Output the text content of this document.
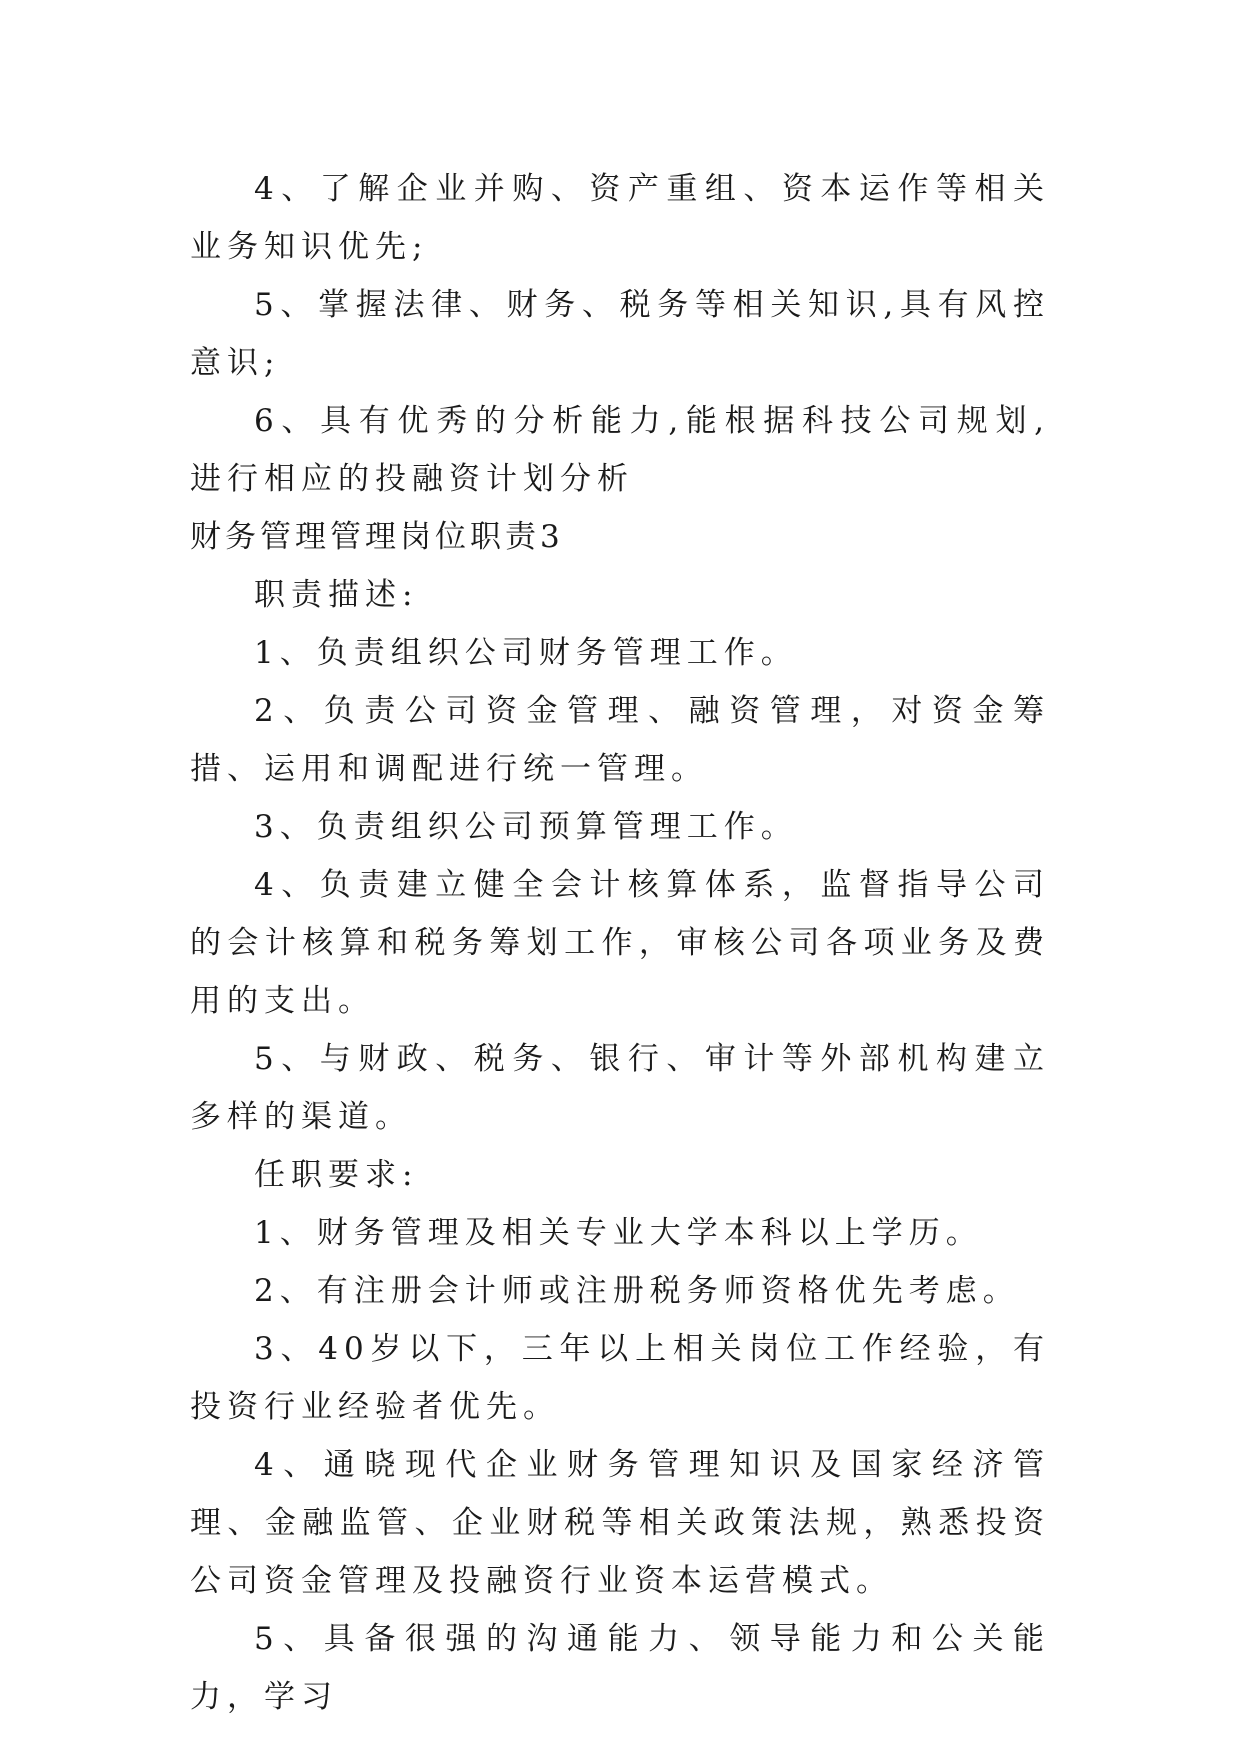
4、了解企业并购、资产重组、资本运作等相关业务知识优先;

5、掌握法律、财务、税务等相关知识,具有风控意识;

6、具有优秀的分析能力,能根据科技公司规划,进行相应的投融资计划分析

财务管理管理岗位职责3

职责描述:

1、负责组织公司财务管理工作。

2、负责公司资金管理、融资管理，对资金筹措、运用和调配进行统一管理。

3、负责组织公司预算管理工作。

4、负责建立健全会计核算体系，监督指导公司的会计核算和税务筹划工作，审核公司各项业务及费用的支出。

5、与财政、税务、银行、审计等外部机构建立多样的渠道。

任职要求:

1、财务管理及相关专业大学本科以上学历。

2、有注册会计师或注册税务师资格优先考虑。

3、40岁以下，三年以上相关岗位工作经验，有投资行业经验者优先。

4、通晓现代企业财务管理知识及国家经济管理、金融监管、企业财税等相关政策法规，熟悉投资公司资金管理及投融资行业资本运营模式。

5、具备很强的沟通能力、领导能力和公关能力，学习
